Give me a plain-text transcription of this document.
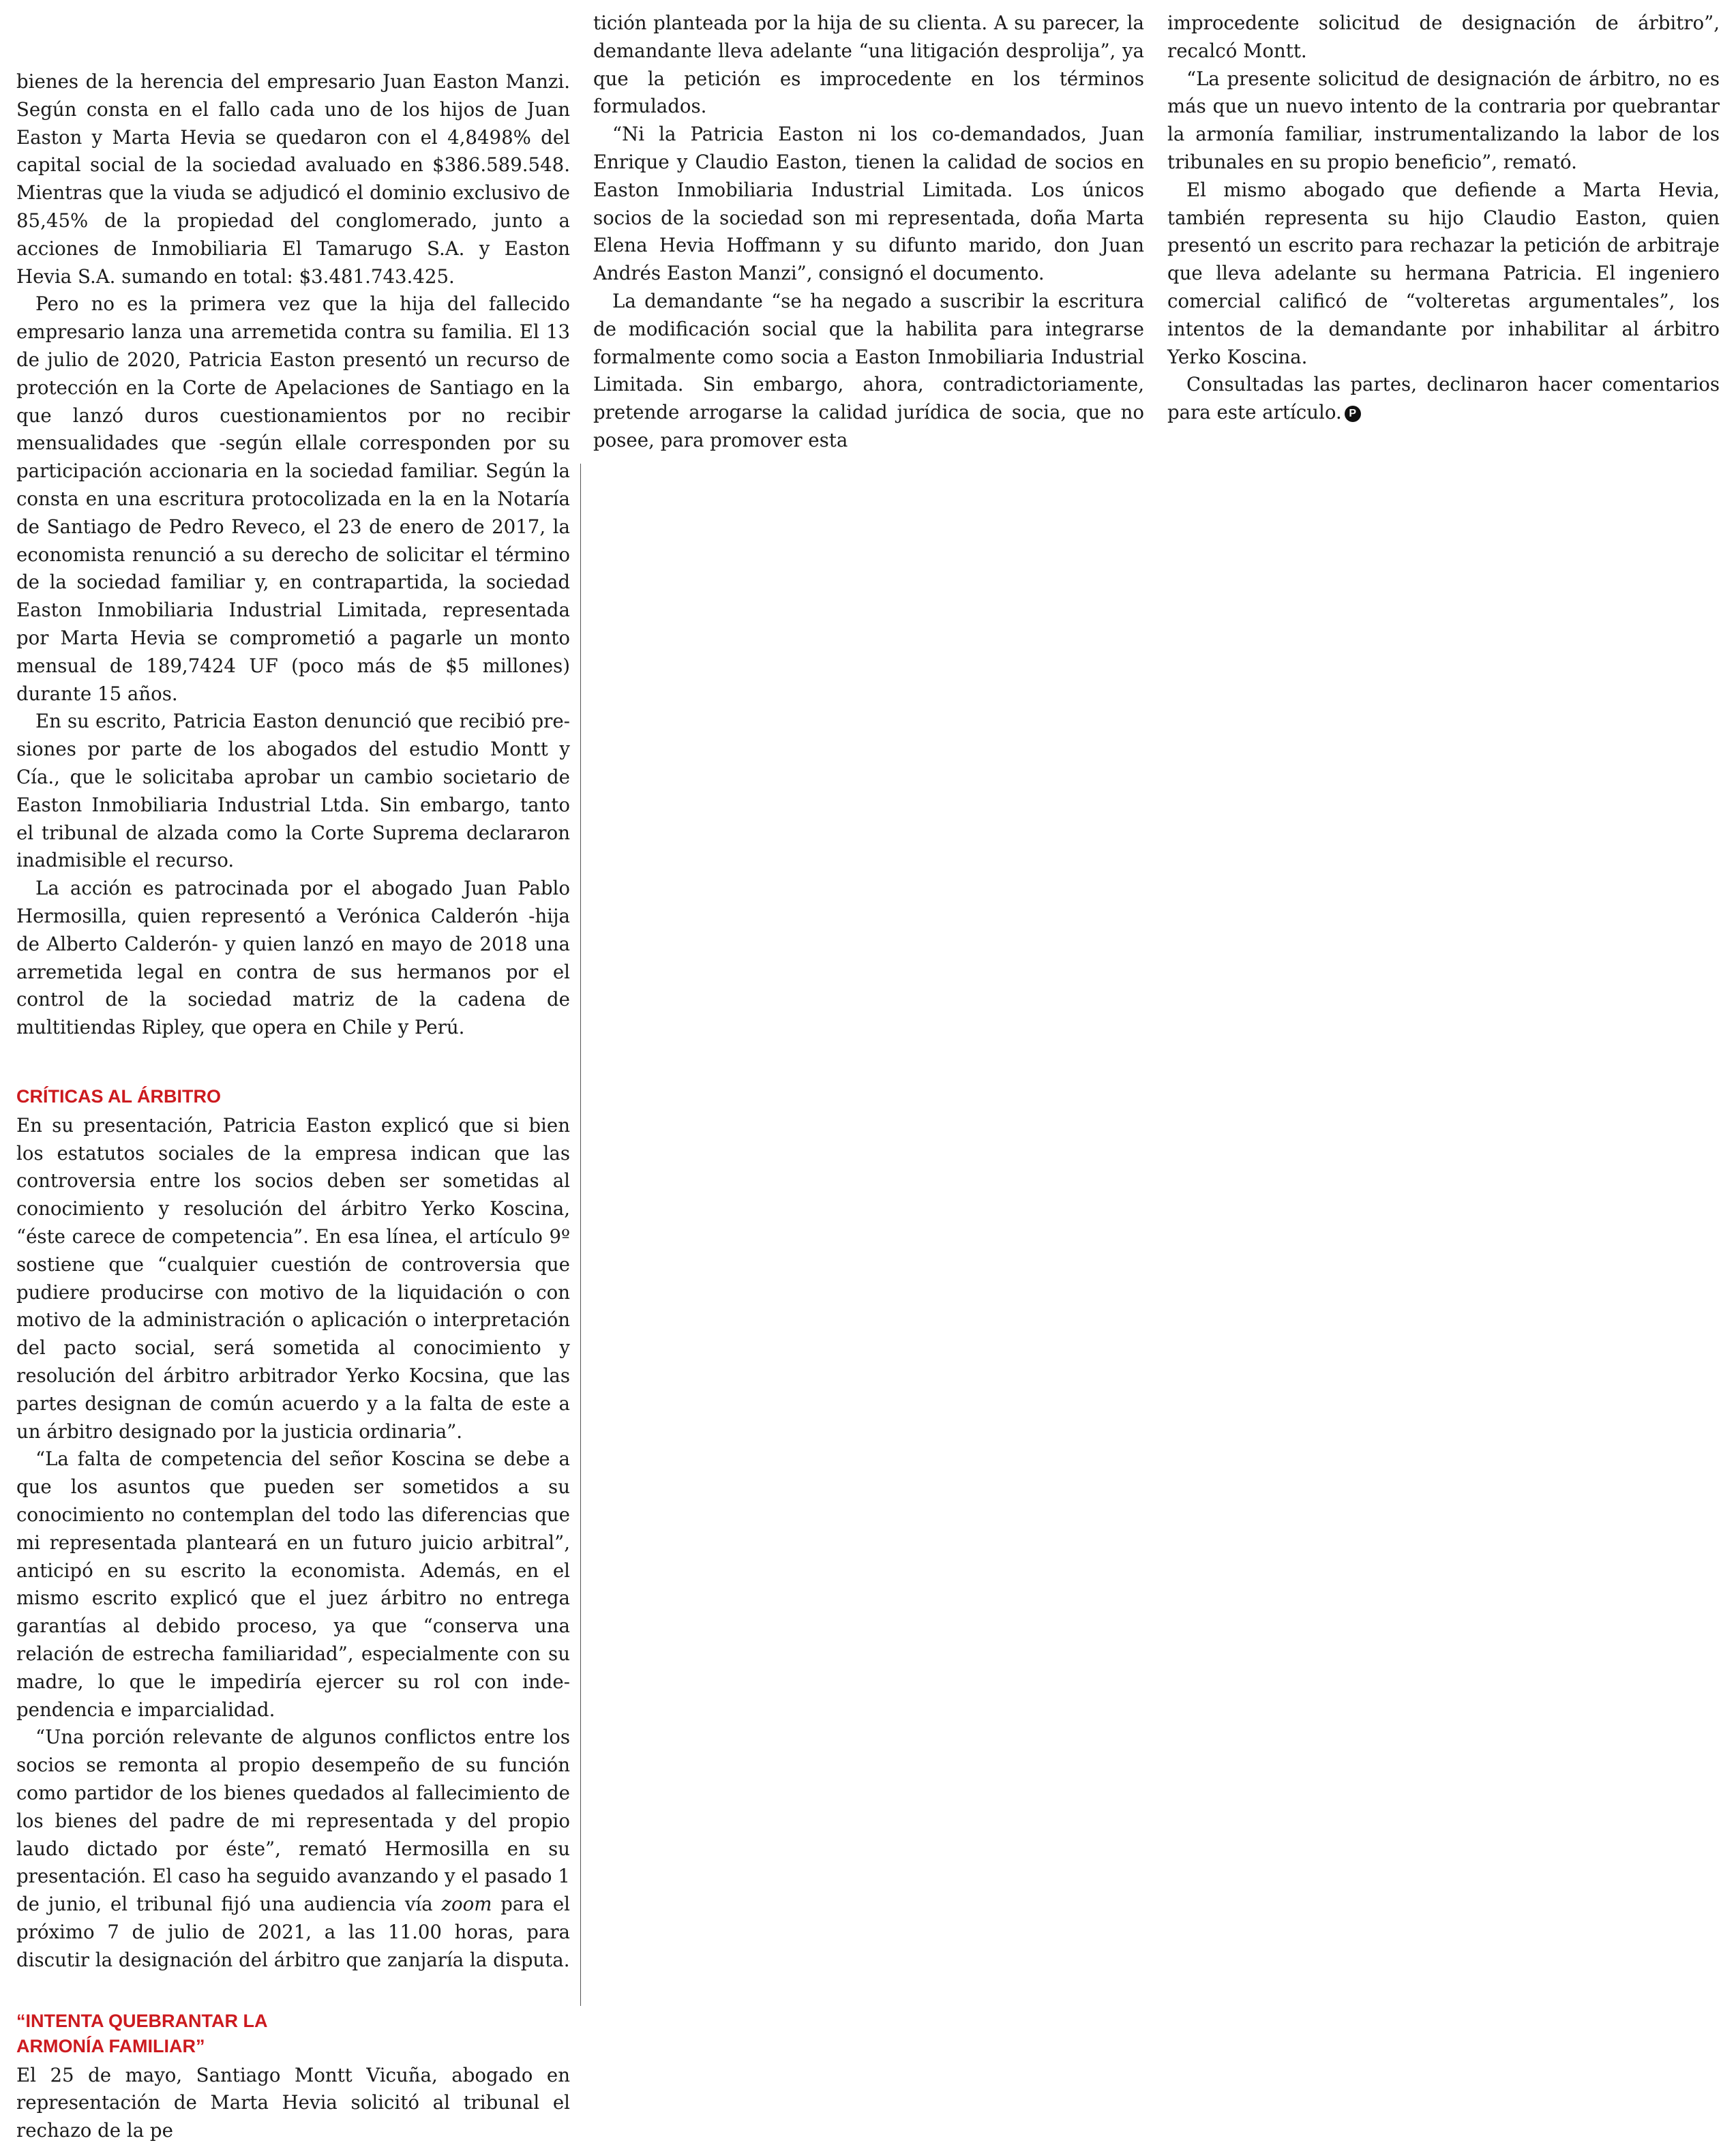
bienes de la herencia del empresario Juan Easton Manzi. Según consta en el fallo cada uno de los hijos de Juan Easton y Marta Hevia se quedaron con el 4,8498% del capital social de la sociedad avaluado en $386.589.548. Mientras que la viuda se adjudicó el dominio exclusivo de 85,45% de la propiedad del conglomerado, junto a acciones de Inmobiliaria El Tamarugo S.A. y Easton Hevia S.A. sumando en total: $3.481.743.425.

Pero no es la primera vez que la hija del fallecido empresario lanza una arremetida contra su familia. El 13 de julio de 2020, Patricia Easton presentó un recurso de protección en la Corte de Apelaciones de Santiago en la que lanzó duros cuestionamientos por no recibir mensualidades que -según ellale corresponden por su participación accionaria en la sociedad familiar. Según la consta en una escritura protocolizada en la en la Notaría de Santiago de Pedro Reveco, el 23 de enero de 2017, la economista renunció a su derecho de solicitar el término de la sociedad familiar y, en contrapartida, la sociedad Easton Inmobiliaria Industrial Limitada, representada por Marta Hevia se comprometió a pagarle un monto mensual de 189,7424 UF (poco más de $5 millones) durante 15 años.

En su escrito, Patricia Easton denunció que recibió presiones por parte de los abogados del estudio Montt y Cía., que le solicitaba aprobar un cambio societario de Easton Inmobiliaria Industrial Ltda. Sin embargo, tanto el tribunal de alzada como la Corte Suprema declararon inadmisible el recurso.

La acción es patrocinada por el abogado Juan Pablo Hermosilla, quien representó a Verónica Calderón -hija de Alberto Calderón- y quien lanzó en mayo de 2018 una arremetida legal en contra de sus hermanos por el control de la sociedad matriz de la cadena de multitiendas Ripley, que opera en Chile y Perú.

CRÍTICAS AL ÁRBITRO

En su presentación, Patricia Easton explicó que si bien los estatutos sociales de la empresa indican que las controversia entre los socios deben ser sometidas al conocimiento y resolución del árbitro Yerko Koscina, “éste carece de competencia”. En esa línea, el artículo 9º sostiene que “cualquier cuestión de controversia que pudiere producirse con motivo de la liquidación o con motivo de la administración o aplicación o interpretación del pacto social, será sometida al conocimiento y resolución del árbitro arbitrador Yerko Kocsina, que las partes designan de común acuerdo y a la falta de este a un árbitro designado por la justicia ordinaria”.

“La falta de competencia del señor Koscina se debe a que los asuntos que pueden ser sometidos a su conocimiento no contemplan del todo las diferencias que mi representada planteará en un futuro juicio arbitral”, anticipó en su escrito la economista. Además, en el mismo escrito explicó que el juez árbitro no entrega garantías al debido proceso, ya que “conserva una relación de estrecha familiaridad”, especialmente con su madre, lo que le impediría ejercer su rol con independencia e imparcialidad.

“Una porción relevante de algunos conflictos entre los socios se remonta al propio desempeño de su función como partidor de los bienes quedados al fallecimiento de los bienes del padre de mi representada y del propio laudo dictado por éste”, remató Hermosilla en su presentación. El caso ha seguido avanzando y el pasado 1 de junio, el tribunal fijó una audiencia vía zoom para el próximo 7 de julio de 2021, a las 11.00 horas, para discutir la designación del árbitro que zanjaría la disputa.

“INTENTA QUEBRANTAR LA
ARMONÍA FAMILIAR”

El 25 de mayo, Santiago Montt Vicuña, abogado en representación de Marta Hevia solicitó al tribunal el rechazo de la pe

tición planteada por la hija de su clienta. A su parecer, la demandante lleva adelante “una litigación desprolija”, ya que la petición es improcedente en los términos formulados.

“Ni la Patricia Easton ni los co-demandados, Juan Enrique y Claudio Easton, tienen la calidad de socios en Easton Inmobiliaria Industrial Limitada. Los únicos socios de la sociedad son mi representada, doña Marta Elena Hevia Hoffmann y su difunto marido, don Juan Andrés Easton Manzi”, consignó el documento.

La demandante “se ha negado a suscribir la escritura de modificación social que la habilita para integrarse formalmente como socia a Easton Inmobiliaria Industrial Limitada. Sin embargo, ahora, contradictoriamente, pretende arrogarse la calidad jurídica de socia, que no posee, para promover esta

improcedente solicitud de designación de árbitro”, recalcó Montt.

“La presente solicitud de designación de árbitro, no es más que un nuevo intento de la contraria por quebrantar la armonía familiar, instrumentalizando la labor de los tribunales en su propio beneficio”, remató.

El mismo abogado que defiende a Marta Hevia, también representa su hijo Claudio Easton, quien presentó un escrito para rechazar la petición de arbitraje que lleva adelante su hermana Patricia. El ingeniero comercial calificó de “volteretas argumentales”, los intentos de la demandante por inhabilitar al árbitro Yerko Koscina.

Consultadas las partes, declinaron hacer comentarios para este artículo. P
